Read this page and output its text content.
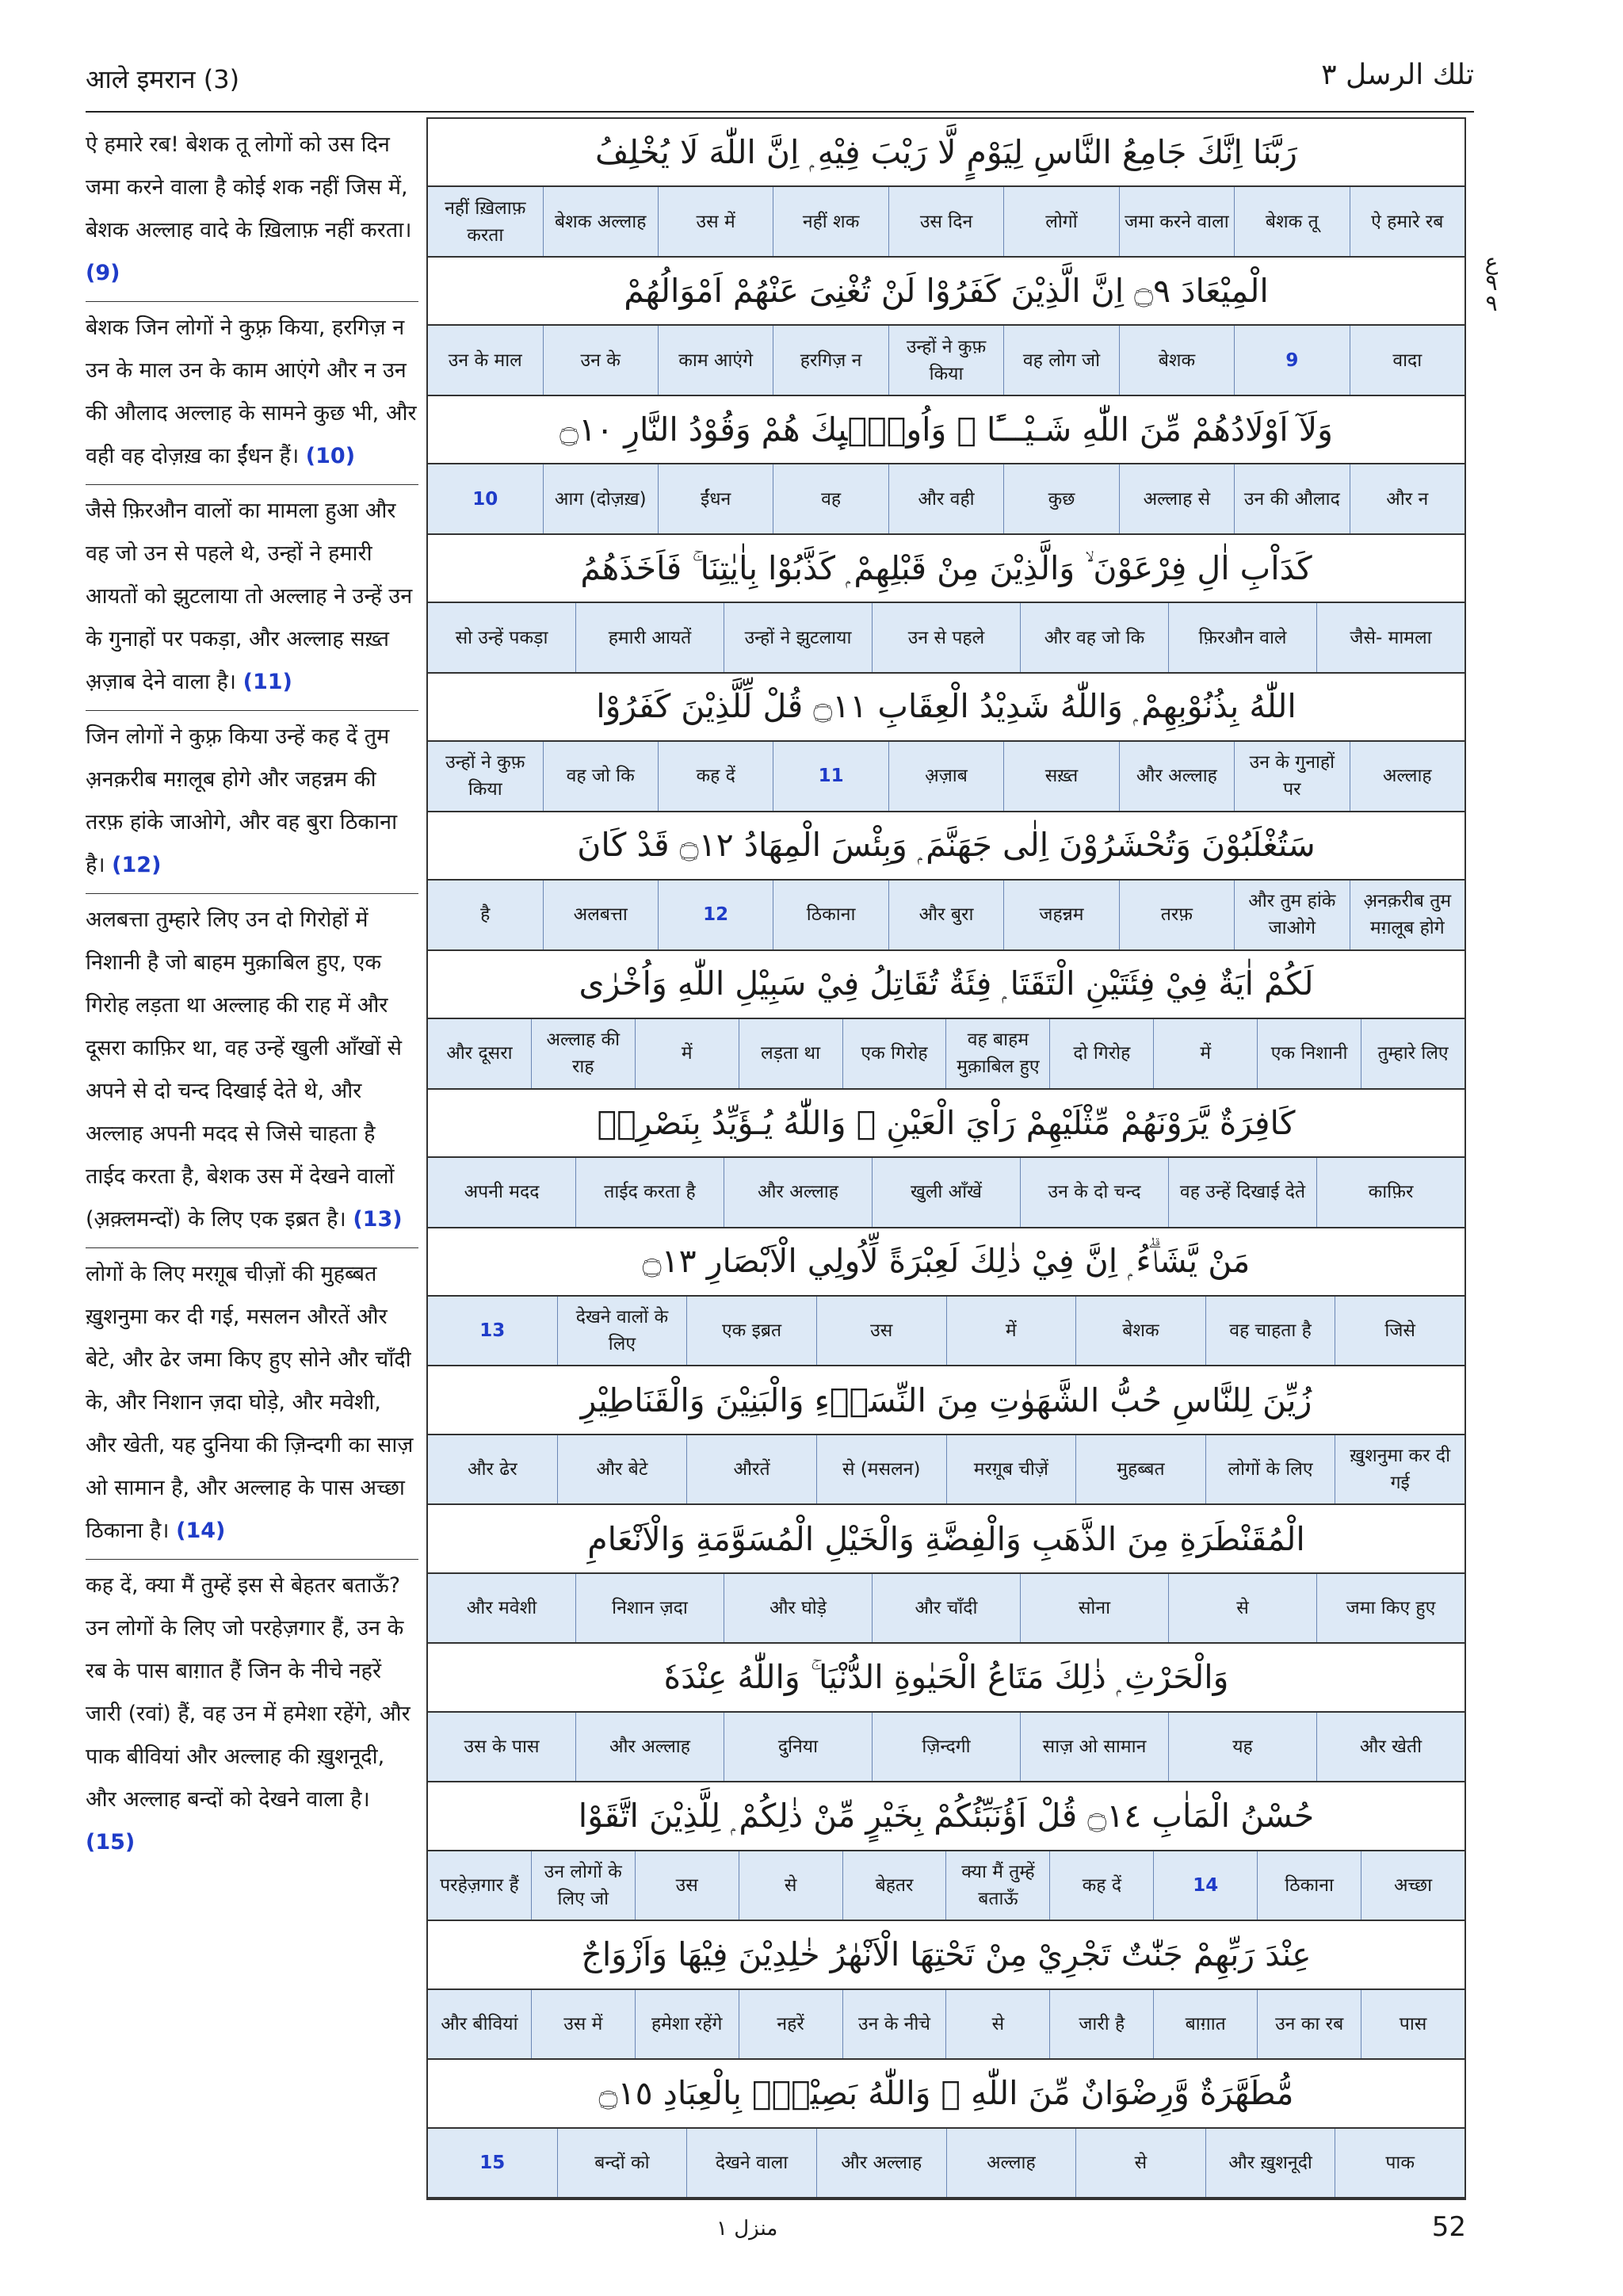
आले इमरान (3)	تلك الرسل ٣

ऐ हमारे रब! बेशक तू लोगों को उस दिन जमा करने वाला है कोई शक नहीं जिस में, बेशक अल्लाह वादे के ख़िलाफ़ नहीं करता। (9)

बेशक जिन लोगों ने कुफ़्र किया, हरगिज़ न उन के माल उन के काम आएंगे और न उन की औलाद अल्लाह के सामने कुछ भी, और वही वह दोज़ख़ का ईंधन हैं। (10)

जैसे फ़िरऔन वालों का मामला हुआ और वह जो उन से पहले थे, उन्हों ने हमारी आयतों को झुटलाया तो अल्लाह ने उन्हें उन के गुनाहों पर पकड़ा, और अल्लाह सख़्त अ़ज़ाब देने वाला है। (11)

जिन लोगों ने कुफ़्र किया उन्हें कह दें तुम अ़नक़रीब मग़लूब होगे और जहन्नम की तरफ़ हांके जाओगे, और वह बुरा ठिकाना है। (12)

अलबत्ता तुम्हारे लिए उन दो गिरोहों में निशानी है जो बाहम मुक़ाबिल हुए, एक गिरोह लड़ता था अल्लाह की राह में और दूसरा काफ़िर था, वह उन्हें खुली आँखों से अपने से दो चन्द दिखाई देते थे, और अल्लाह अपनी मदद से जिसे चाहता है ताईद करता है, बेशक उस में देखने वालों (अ़क़्लमन्दों) के लिए एक इब्रत है। (13)

लोगों के लिए मरग़ूब चीज़ों की मुहब्बत ख़ुशनुमा कर दी गई, मसलन औरतें और बेटे, और ढेर जमा किए हुए सोने और चाँदी के, और निशान ज़दा घोड़े, और मवेशी, और खेती, यह दुनिया की ज़िन्दगी का साज़ ओ सामान है, और अल्लाह के पास अच्छा ठिकाना है। (14)

कह दें, क्या मैं तुम्हें इस से बेहतर बताऊँ? उन लोगों के लिए जो परहेज़गार हैं, उन के रब के पास बाग़ात हैं जिन के नीचे नहरें जारी (रवां) हैं, वह उन में हमेशा रहेंगे, और पाक बीवियां और अल्लाह की ख़ुशनूदी, और अल्लाह बन्दों को देखने वाला है। (15)

رَبَّنَا اِنَّكَ جَامِعُ النَّاسِ لِيَوْمٍ لَّا رَيْبَ فِيْهِ ۭ اِنَّ اللّٰهَ لَا يُخْلِفُ
ऐ हमारे रब
बेशक तू
जमा करने वाला
लोगों
उस दिन
नहीं शक
उस में
बेशक अल्लाह
नहीं ख़िलाफ़ करता
الْمِيْعَادَ ۝٩ اِنَّ الَّذِيْنَ كَفَرُوْا لَنْ تُغْنِىَ عَنْهُمْ اَمْوَالُهُمْ
वादा
9
बेशक
वह लोग जो
उन्हों ने कुफ़ किया
हरगिज़ न
काम आएंगे
उन के
उन के माल
وَلَآ اَوْلَادُھُمْ مِّنَ اللّٰهِ شَـيْـــًٔا ۭ وَاُولٰۗىِٕكَ ھُمْ وَقُوْدُ النَّارِ ۝١٠
और न
उन की औलाद
अल्लाह से
कुछ
और वही
वह
ईंधन
आग (दोज़ख़)
10
كَدَاْبِ اٰلِ فِرْعَوْنَ ۙ وَالَّذِيْنَ مِنْ قَبْلِهِمْ ۭ كَذَّبُوْا بِاٰيٰتِنَا ۚ فَاَخَذَھُمُ
जैसे- मामला
फ़िरऔन वाले
और वह जो कि
उन से पहले
उन्हों ने झुटलाया
हमारी आयतें
सो उन्हें पकड़ा
اللّٰهُ بِذُنُوْبِهِمْ ۭ وَاللّٰهُ شَدِيْدُ الْعِقَابِ ۝١١ قُلْ لِّلَّذِيْنَ كَفَرُوْا
अल्लाह
उन के गुनाहों पर
और अल्लाह
सख़्त
अ़ज़ाब
11
कह दें
वह जो कि
उन्हों ने कुफ़ किया
سَتُغْلَبُوْنَ وَتُحْشَرُوْنَ اِلٰى جَهَنَّمَ ۭ وَبِئْسَ الْمِهَادُ ۝١٢ قَدْ كَانَ
अ़नक़रीब तुम मग़लूब होगे
और तुम हांके जाओगे
तरफ़
जहन्नम
और बुरा
ठिकाना
12
अलबत्ता
है
لَكُمْ اٰيَةٌ فِيْ فِئَتَيْنِ الْتَقَتَا ۭ فِئَةٌ تُقَاتِلُ فِيْ سَبِيْلِ اللّٰهِ وَاُخْرٰى
तुम्हारे लिए
एक निशानी
में
दो गिरोह
वह बाहम मुक़ाबिल हुए
एक गिरोह
लड़ता था
में
अल्लाह की राह
और दूसरा
كَافِرَةٌ يَّرَوْنَھُمْ مِّثْلَيْهِمْ رَاْيَ الْعَيْنِ ۭ وَاللّٰهُ يُـؤَيِّدُ بِنَصْرِهٖ
काफ़िर
वह उन्हें दिखाई देते
उन के दो चन्द
खुली आँखें
और अल्लाह
ताईद करता है
अपनी मदद
مَنْ يَّشَاۗءُ ۭ اِنَّ فِيْ ذٰلِكَ لَعِبْرَةً لِّاُولِي الْاَبْصَارِ ۝١٣
जिसे
वह चाहता है
बेशक
में
उस
एक इब्रत
देखने वालों के लिए
13
زُيِّنَ لِلنَّاسِ حُبُّ الشَّهَوٰتِ مِنَ النِّسَاۗءِ وَالْبَنِيْنَ وَالْقَنَاطِيْرِ
ख़ुशनुमा कर दी गई
लोगों के लिए
मुहब्बत
मरग़ूब चीज़ें
से (मसलन)
औरतें
और बेटे
और ढेर
الْمُقَنْطَرَةِ مِنَ الذَّهَبِ وَالْفِضَّةِ وَالْخَيْلِ الْمُسَوَّمَةِ وَالْاَنْعَامِ
जमा किए हुए
से
सोना
और चाँदी
और घोड़े
निशान ज़दा
और मवेशी
وَالْحَرْثِ ۭ ذٰلِكَ مَتَاعُ الْحَيٰوةِ الدُّنْيَا ۚ وَاللّٰهُ عِنْدَهٗ
और खेती
यह
साज़ ओ सामान
ज़िन्दगी
दुनिया
और अल्लाह
उस के पास
حُسْنُ الْمَاٰبِ ۝١٤ قُلْ اَؤُنَبِّئُكُمْ بِخَيْرٍ مِّنْ ذٰلِكُمْ ۭ لِلَّذِيْنَ اتَّقَوْا
अच्छा
ठिकाना
14
कह दें
क्या मैं तुम्हें बताऊँ
बेहतर
से
उस
उन लोगों के लिए जो
परहेज़गार हैं
عِنْدَ رَبِّهِمْ جَنّٰتٌ تَجْرِيْ مِنْ تَحْتِهَا الْاَنْهٰرُ خٰلِدِيْنَ فِيْهَا وَاَزْوَاجٌ
पास
उन का रब
बाग़ात
जारी है
से
उन के नीचे
नहरें
हमेशा रहेंगे
उस में
और बीवियां
مُّطَهَّرَةٌ وَّرِضْوَانٌ مِّنَ اللّٰهِ ۭ وَاللّٰهُ بَصِيْرٌۢ بِالْعِبَادِ ۝١٥
पाक
और ख़ुशनूदी
से
अल्लाह
और अल्लाह
देखने वाला
बन्दों को
15
ع
٩
٩
منزل ١	52
